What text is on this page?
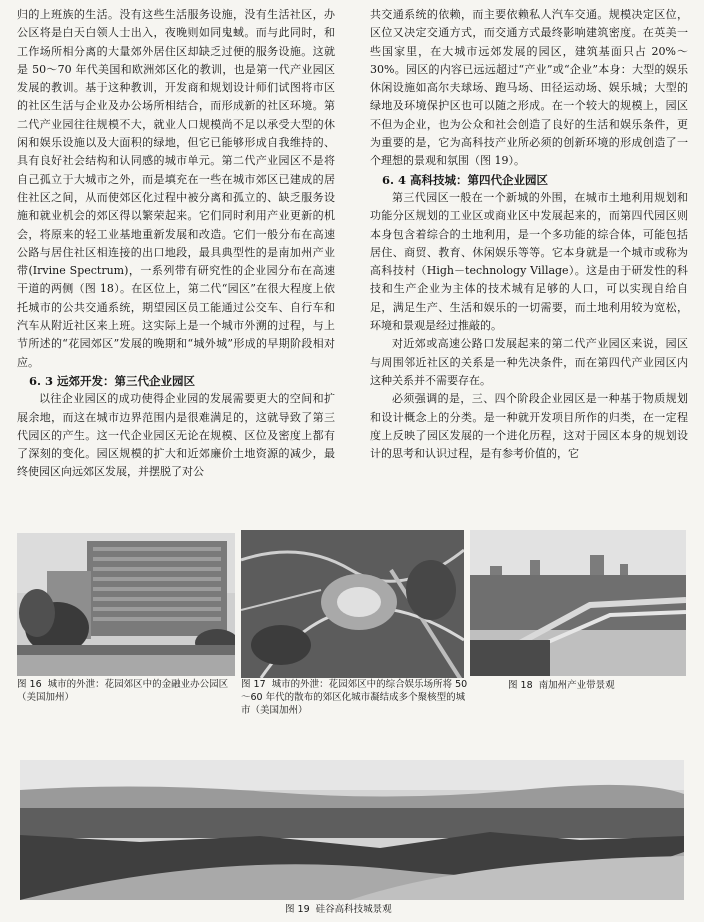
归的上班族的生活。没有这些生活服务设施，没有生活社区，办公区将是白天白领人士出入，夜晚则如同鬼蜮。而与此同时，和工作场所相分离的大量郊外居住区却缺乏过便的服务设施。这就是 50～70 年代美国和欧洲郊区化的教训，也是第一代产业园区发展的教训。基于这种教训，开发商和规划设计师们试图将市区的社区生活与企业及办公场所相结合，而形成新的社区环境。第二代产业园往往规模不大，就业人口规模尚不足以承受大型的休闲和娱乐设施以及大面积的绿地，但它已能够形成自我维持的、具有良好社会结构和认同感的城市单元。第二代产业园区不是将自己孤立于大城市之外，而是填充在一些在城市郊区已建成的居住社区之间，从而使郊区化过程中被分离和孤立的、缺乏服务设施和就业机会的郊区得以繁荣起来。它们同时利用产业更新的机会，将原来的轻工业基地重新发展和改造。它们一般分布在高速公路与居住社区相连接的出口地段，最具典型性的是南加州产业带(Irvine Spectrum)，一系列带有研究性的企业园分布在高速干道的两侧（图 18）。在区位上，第二代“园区”在很大程度上依托城市的公共交通系统，期望园区员工能通过公交车、自行车和汽车从附近社区来上班。这实际上是一个城市外溯的过程，与上节所述的“花园郊区”发展的晚期和“城外城”形成的早期阶段相对应。

6. 3 远郊开发：第三代企业园区

以往企业园区的成功使得企业园的发展需要更大的空间和扩展余地，而这在城市边界范围内是很难满足的，这就导致了第三代园区的产生。这一代企业园区无论在规模、区位及密度上都有了深刻的变化。园区规模的扩大和近郊廉价土地资源的减少，最终使园区向远郊区发展，并摆脱了对公

共交通系统的依赖，而主要依赖私人汽车交通。规模决定区位，区位又决定交通方式，而交通方式最终影响建筑密度。在英美一些国家里，在大城市远郊发展的园区，建筑基面只占 20%～30%。园区的内容已远远超过“产业”或“企业”本身：大型的娱乐休闲设施如高尔夫球场、跑马场、田径运动场、娱乐城；大型的绿地及环境保护区也可以随之形成。在一个较大的规模上，园区不但为企业，也为公众和社会创造了良好的生活和娱乐条件，更为重要的是，它为高科技产业所必须的创新环境的形成创造了一个理想的景观和氛围（图 19）。

6. 4 高科技城：第四代企业园区

第三代园区一般在一个新城的外围，在城市土地利用规划和功能分区规划的工业区或商业区中发展起来的，而第四代园区则本身包含着综合的土地利用，是一个多功能的综合体，可能包括居住、商贸、教育、休闲娱乐等等。它本身就是一个城市或称为高科技村（High－technology Village）。这是由于研发性的科技和生产企业为主体的技术城有足够的人口，可以实现自给自足，满足生产、生活和娱乐的一切需要，而土地利用较为宽松，环境和景观是经过推敲的。

对近郊或高速公路口发展起来的第二代产业园区来说，园区与周围邻近社区的关系是一种先决条件，而在第四代产业园区内这种关系并不需要存在。

必须强调的是，三、四个阶段企业园区是一种基于物质规划和设计概念上的分类。是一种就开发项目所作的归类，在一定程度上反映了园区发展的一个进化历程，这对于园区本身的规划设计的思考和认识过程，是有参考价值的，它

图 16 城市的外泄：花园郊区中的金融业办公园区（美国加州）
图 17 城市的外泄：花园郊区中的综合娱乐场所将 50～60 年代的散布的郊区化城市凝结成多个聚核型的城市（美国加州）
图 18 南加州产业带景观
图 19 硅谷高科技城景观
